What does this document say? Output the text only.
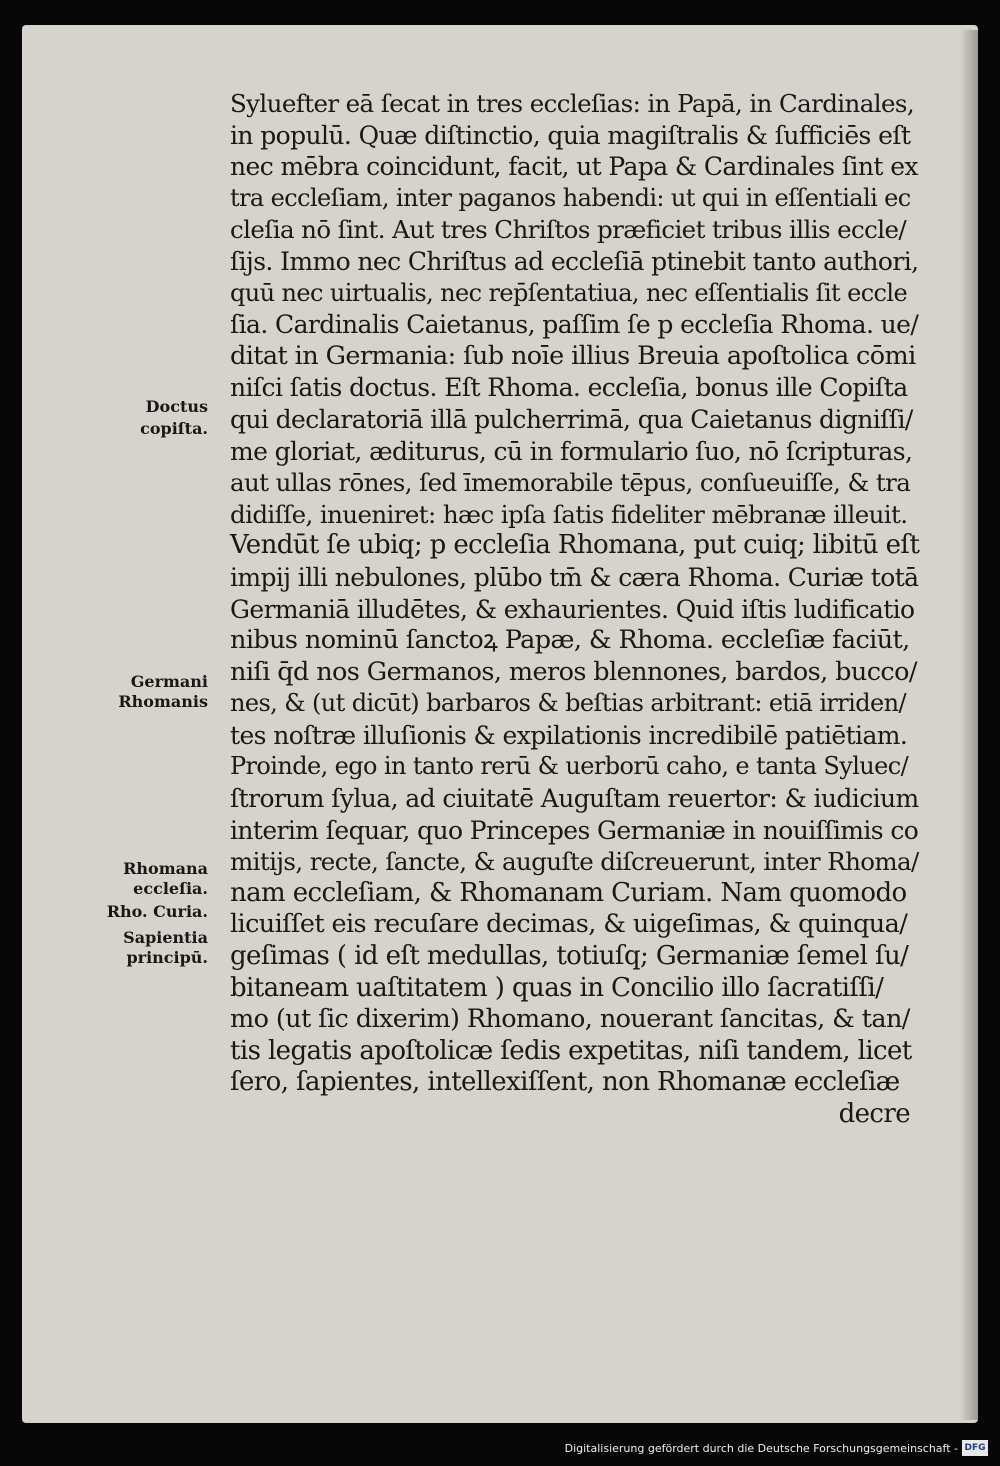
Syluefter eā ſecat in tres eccleſias: in Papā, in Cardinales,
in populū. Quæ diſtinctio, quia magiſtralis & ſufficiēs eſt
nec mēbra coincidunt, facit, ut Papa & Cardinales ſint ex
tra eccleſiam, inter paganos habendi: ut qui in eſſentiali ec
cleſia nō ſint. Aut tres Chriſtos præficiet tribus illis eccle/
ſijs. Immo nec Chriſtus ad eccleſiā ptinebit tanto authori,
quū nec uirtualis, nec rep̄ſentatiua, nec eſſentialis ſit eccle
ſia. Cardinalis Caietanus, paſſim ſe p eccleſia Rhoma. ue/
ditat in Germania: ſub noīe illius Breuia apoſtolica cōmi
niſci ſatis doctus. Eſt Rhoma. eccleſia, bonus ille Copiſta
qui declaratoriā illā pulcherrimā, qua Caietanus digniſſi/
me gloriat, æditurus, cū in formulario ſuo, nō ſcripturas,
aut ullas rōnes, ſed īmemorabile tēpus, conſueuiſſe, & tra
didiſſe, inueniret: hæc ipſa ſatis fideliter mēbranæ illeuit.
Vendūt ſe ubiq; p eccleſia Rhomana, put cuiq; libitū eſt
impij illi nebulones, plūbo tm̄ & cæra Rhoma. Curiæ totā
Germaniā illudētes, & exhaurientes. Quid iſtis ludificatio
nibus nominū ſanctoꝝ Papæ, & Rhoma. eccleſiæ faciūt,
niſi q̄d nos Germanos, meros blennones, bardos, bucco/
nes, & (ut dicūt) barbaros & beſtias arbitrant: etiā irriden/
tes noſtræ illuſionis & expilationis incredibilē patiētiam.
Proinde, ego in tanto rerū & uerborū cahο, e tanta Syluec/
ſtrorum ſylua, ad ciuitatē Auguſtam reuertor: & iudicium
interim ſequar, quo Princepes Germaniæ in nouiſſimis co
mitijs, recte, ſancte, & auguſte diſcreuerunt, inter Rhoma/
nam eccleſiam, & Rhomanam Curiam. Nam quomodo
licuiſſet eis recuſare decimas, & uigeſimas, & quinqua/
geſimas ( id eſt medullas, totiuſq; Germaniæ ſemel ſu/
bitaneam uaſtitatem ) quas in Concilio illo ſacratiſſi/
mo (ut ſic dixerim) Rhomano, nouerant ſancitas, & tan/
tis legatis apoſtolicæ ſedis expetitas, niſi tandem, licet
ſero, ſapientes, intellexiſſent, non Rhomanæ eccleſiæ
decre
Doctus
copiſta.
Germani
Rhomanis
Rhomana
eccleſia.
Rho. Curia.
Sapientia
principū.
Digitalisierung gefördert durch die Deutsche Forschungsgemeinschaft - DFG
